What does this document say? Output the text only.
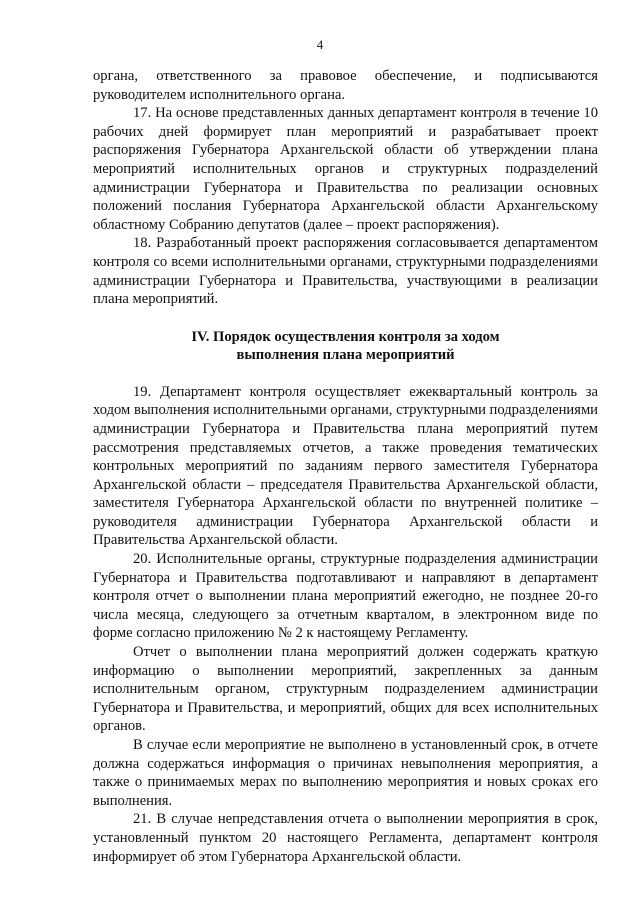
4

органа, ответственного за правовое обеспечение, и подписываются руководителем исполнительного органа.

17. На основе представленных данных департамент контроля в течение 10 рабочих дней формирует план мероприятий и разрабатывает проект распоряжения Губернатора Архангельской области об утверждении плана мероприятий исполнительных органов и структурных подразделений администрации Губернатора и Правительства по реализации основных положений послания Губернатора Архангельской области Архангельскому областному Собранию депутатов (далее – проект распоряжения).

18. Разработанный проект распоряжения согласовывается департаментом контроля со всеми исполнительными органами, структурными подразделениями администрации Губернатора и Правительства, участвующими в реализации плана мероприятий.

IV. Порядок осуществления контроля за ходом
выполнения плана мероприятий

19. Департамент контроля осуществляет ежеквартальный контроль за ходом выполнения исполнительными органами, структурными подразделениями администрации Губернатора и Правительства плана мероприятий путем рассмотрения представляемых отчетов, а также проведения тематических контрольных мероприятий по заданиям первого заместителя Губернатора Архангельской области – председателя Правительства Архангельской области, заместителя Губернатора Архангельской области по внутренней политике – руководителя администрации Губернатора Архангельской области и Правительства Архангельской области.

20. Исполнительные органы, структурные подразделения администрации Губернатора и Правительства подготавливают и направляют в департамент контроля отчет о выполнении плана мероприятий ежегодно, не позднее 20-го числа месяца, следующего за отчетным кварталом, в электронном виде по форме согласно приложению № 2 к настоящему Регламенту.

Отчет о выполнении плана мероприятий должен содержать краткую информацию о выполнении мероприятий, закрепленных за данным исполнительным органом, структурным подразделением администрации Губернатора и Правительства, и мероприятий, общих для всех исполнительных органов.

В случае если мероприятие не выполнено в установленный срок, в отчете должна содержаться информация о причинах невыполнения мероприятия, а также о принимаемых мерах по выполнению мероприятия и новых сроках его выполнения.

21. В случае непредставления отчета о выполнении мероприятия в срок, установленный пунктом 20 настоящего Регламента, департамент контроля информирует об этом Губернатора Архангельской области.
